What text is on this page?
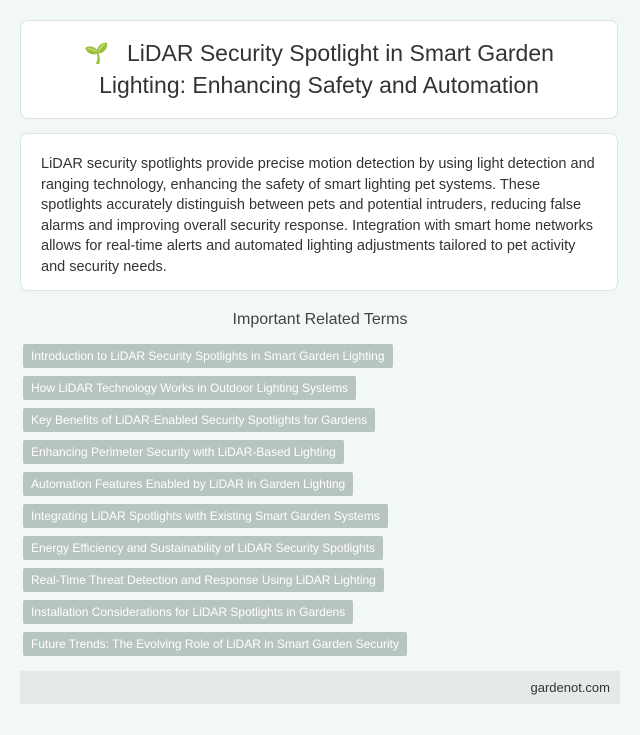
🌱 LiDAR Security Spotlight in Smart Garden Lighting: Enhancing Safety and Automation

LiDAR security spotlights provide precise motion detection by using light detection and ranging technology, enhancing the safety of smart lighting pet systems. These spotlights accurately distinguish between pets and potential intruders, reducing false alarms and improving overall security response. Integration with smart home networks allows for real-time alerts and automated lighting adjustments tailored to pet activity and security needs.

Important Related Terms
Introduction to LiDAR Security Spotlights in Smart Garden Lighting
How LiDAR Technology Works in Outdoor Lighting Systems
Key Benefits of LiDAR-Enabled Security Spotlights for Gardens
Enhancing Perimeter Security with LiDAR-Based Lighting
Automation Features Enabled by LiDAR in Garden Lighting
Integrating LiDAR Spotlights with Existing Smart Garden Systems
Energy Efficiency and Sustainability of LiDAR Security Spotlights
Real-Time Threat Detection and Response Using LiDAR Lighting
Installation Considerations for LiDAR Spotlights in Gardens
Future Trends: The Evolving Role of LiDAR in Smart Garden Security
gardenot.com
